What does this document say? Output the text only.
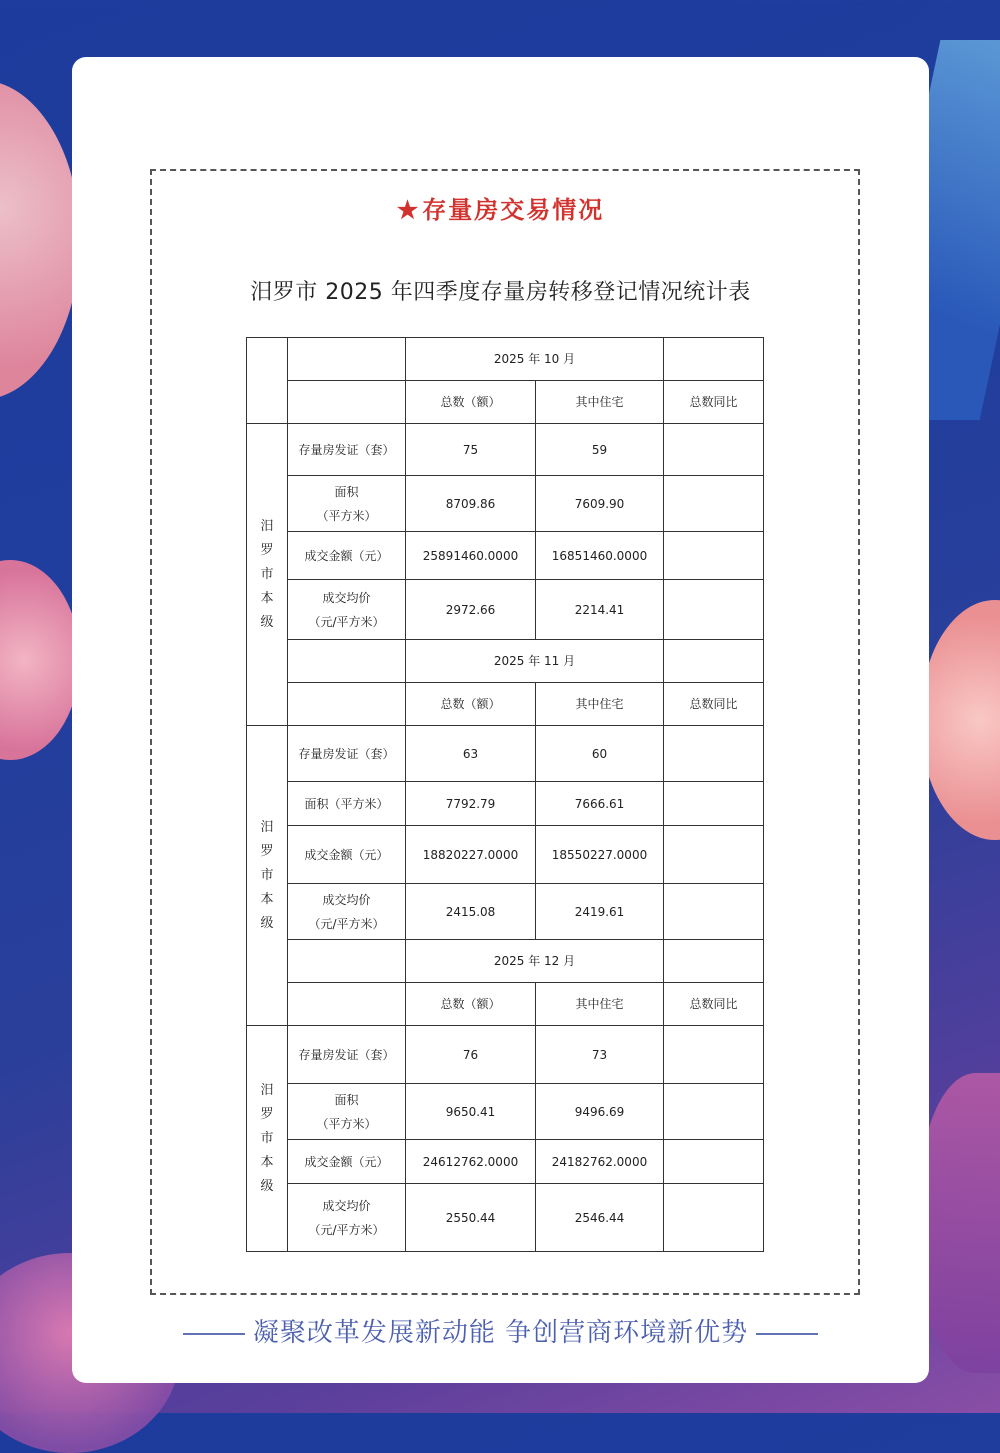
★存量房交易情况
汨罗市 2025 年四季度存量房转移登记情况统计表
		2025 年 10 月		
		总数（额）	其中住宅	总数同比

汨
罗
市
本
级	存量房发证（套）	75	59	
	面积
（平方米）	8709.86	7609.90	
	成交金额（元）	25891460.0000	16851460.0000	
	成交均价
（元/平方米）	2972.66	2214.41	
		2025 年 11 月		
		总数（额）	其中住宅	总数同比

汨
罗
市
本
级	存量房发证（套）	63	60	
	面积（平方米）	7792.79	7666.61	
	成交金额（元）	18820227.0000	18550227.0000	
	成交均价
（元/平方米）	2415.08	2419.61	
		2025 年 12 月		
		总数（额）	其中住宅	总数同比

汨
罗
市
本
级	存量房发证（套）	76	73	
	面积
（平方米）	9650.41	9496.69	
	成交金额（元）	24612762.0000	24182762.0000	
	成交均价
（元/平方米）	2550.44	2546.44	
凝聚改革发展新动能 争创营商环境新优势
